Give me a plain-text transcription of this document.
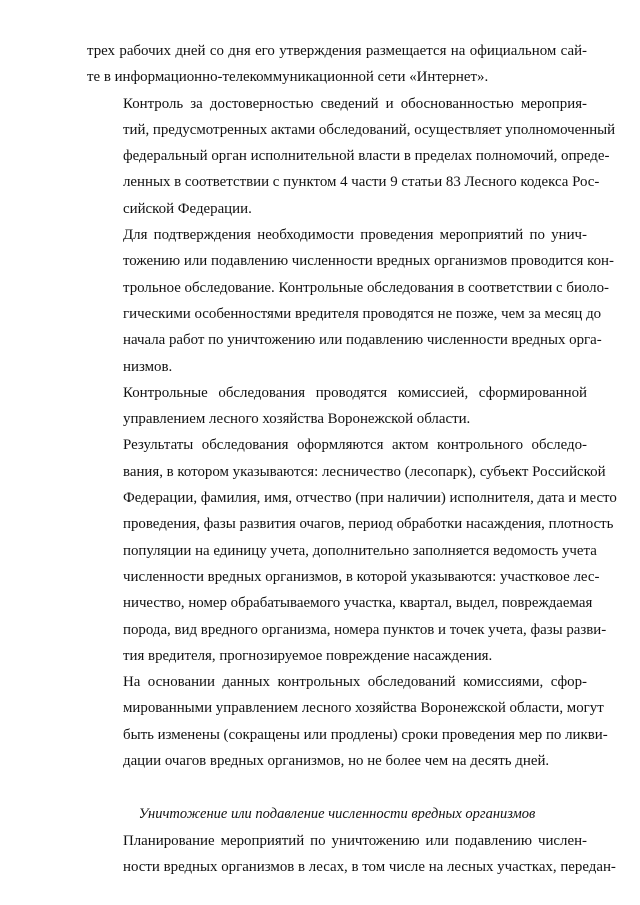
трех рабочих дней со дня его утверждения размещается на официальном сай-
те в информационно-телекоммуникационной сети «Интернет».
Контроль за достоверностью сведений и обоснованностью мероприя-
тий, предусмотренных актами обследований, осуществляет уполномоченный
федеральный орган исполнительной власти в пределах полномочий, опреде-
ленных в соответствии с пунктом 4 части 9 статьи 83 Лесного кодекса Рос-
сийской Федерации.
Для подтверждения необходимости проведения мероприятий по унич-
тожению или подавлению численности вредных организмов проводится кон-
трольное обследование. Контрольные обследования в соответствии с биоло-
гическими особенностями вредителя проводятся не позже, чем за месяц до
начала работ по уничтожению или подавлению численности вредных орга-
низмов.
Контрольные обследования проводятся комиссией, сформированной
управлением лесного хозяйства Воронежской области.
Результаты обследования оформляются актом контрольного обследо-
вания, в котором указываются: лесничество (лесопарк), субъект Российской
Федерации, фамилия, имя, отчество (при наличии) исполнителя, дата и место
проведения, фазы развития очагов, период обработки насаждения, плотность
популяции на единицу учета, дополнительно заполняется ведомость учета
численности вредных организмов, в которой указываются: участковое лес-
ничество, номер обрабатываемого участка, квартал, выдел, повреждаемая
порода, вид вредного организма, номера пунктов и точек учета, фазы разви-
тия вредителя, прогнозируемое повреждение насаждения.
На основании данных контрольных обследований комиссиями, сфор-
мированными управлением лесного хозяйства Воронежской области, могут
быть изменены (сокращены или продлены) сроки проведения мер по ликви-
дации очагов вредных организмов, но не более чем на десять дней.
Уничтожение или подавление численности вредных организмов
Планирование мероприятий по уничтожению или подавлению числен-
ности вредных организмов в лесах, в том числе на лесных участках, передан-
